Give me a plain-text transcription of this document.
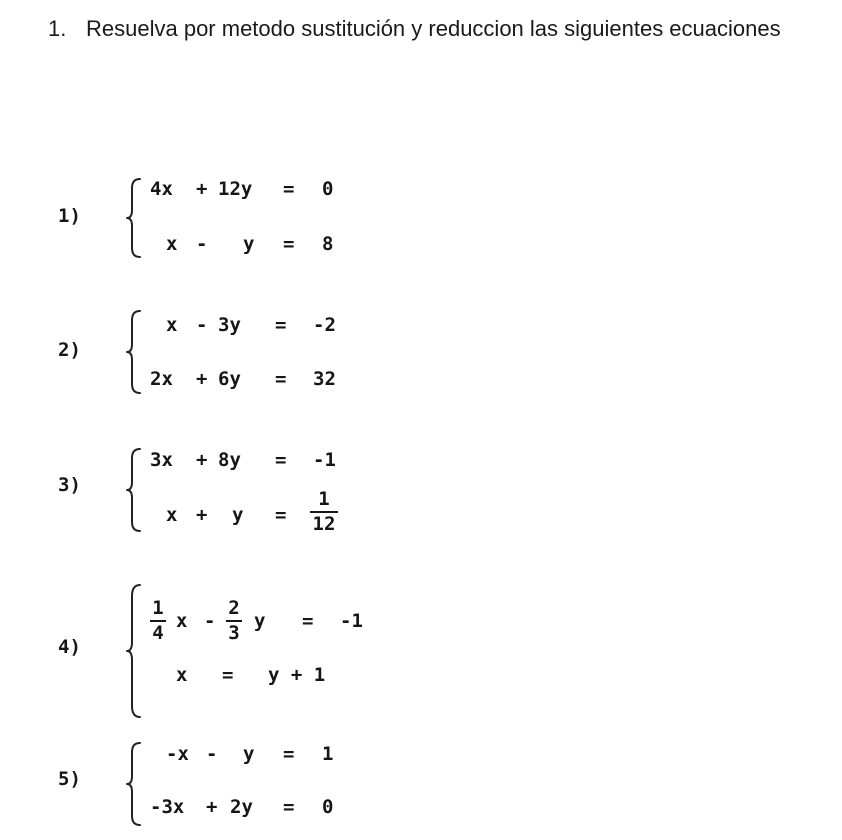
1. Resuelva por metodo sustitución y reduccion las siguientes ecuaciones
1)
4x + 12y = 0
x - y = 8
2)
x - 3y = -2
2x + 6y = 32
3)
3x + 8y = -1
x + y =
1
12
4)
1
4
x -
2
3
y = -1
x = y + 1
5)
-x - y = 1
-3x + 2y = 0
